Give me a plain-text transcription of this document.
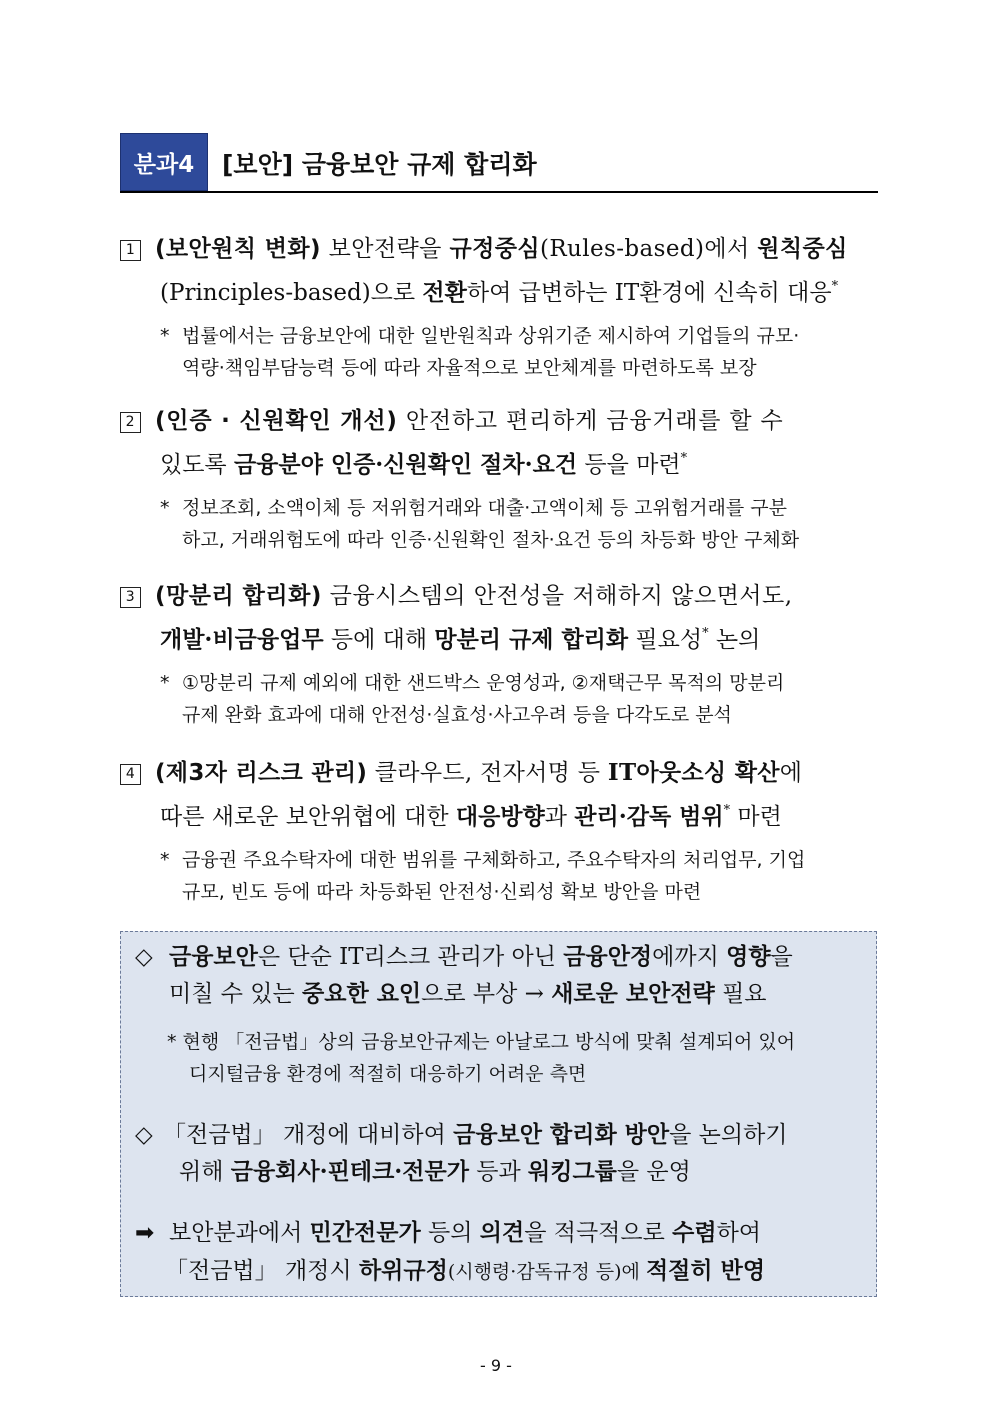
분과4	[보안] 금융보안 규제 합리화
1 (보안원칙 변화) 보안전략을 규정중심(Rules-based)에서 원칙중심
(Principles-based)으로 전환하여 급변하는 IT환경에 신속히 대응*
* 법률에서는 금융보안에 대한 일반원칙과 상위기준 제시하여 기업들의 규모·
역량·책임부담능력 등에 따라 자율적으로 보안체계를 마련하도록 보장
2 (인증 · 신원확인 개선) 안전하고 편리하게 금융거래를 할 수
있도록 금융분야 인증·신원확인 절차·요건 등을 마련*
* 정보조회, 소액이체 등 저위험거래와 대출·고액이체 등 고위험거래를 구분
하고, 거래위험도에 따라 인증·신원확인 절차·요건 등의 차등화 방안 구체화
3 (망분리 합리화) 금융시스템의 안전성을 저해하지 않으면서도,
개발·비금융업무 등에 대해 망분리 규제 합리화 필요성* 논의
* ①망분리 규제 예외에 대한 샌드박스 운영성과, ②재택근무 목적의 망분리
규제 완화 효과에 대해 안전성·실효성·사고우려 등을 다각도로 분석
4 (제3자 리스크 관리) 클라우드, 전자서명 등 IT아웃소싱 확산에
따른 새로운 보안위협에 대한 대응방향과 관리·감독 범위* 마련
* 금융권 주요수탁자에 대한 범위를 구체화하고, 주요수탁자의 처리업무, 기업
규모, 빈도 등에 따라 차등화된 안전성·신뢰성 확보 방안을 마련
◇ 금융보안은 단순 IT리스크 관리가 아닌 금융안정에까지 영향을
미칠 수 있는 중요한 요인으로 부상 → 새로운 보안전략 필요
* 현행 「전금법」상의 금융보안규제는 아날로그 방식에 맞춰 설계되어 있어
디지털금융 환경에 적절히 대응하기 어려운 측면
◇ 「전금법」 개정에 대비하여 금융보안 합리화 방안을 논의하기
위해 금융회사·핀테크·전문가 등과 워킹그룹을 운영
➡ 보안분과에서 민간전문가 등의 의견을 적극적으로 수렴하여
「전금법」 개정시 하위규정(시행령·감독규정 등)에 적절히 반영
- 9 -
